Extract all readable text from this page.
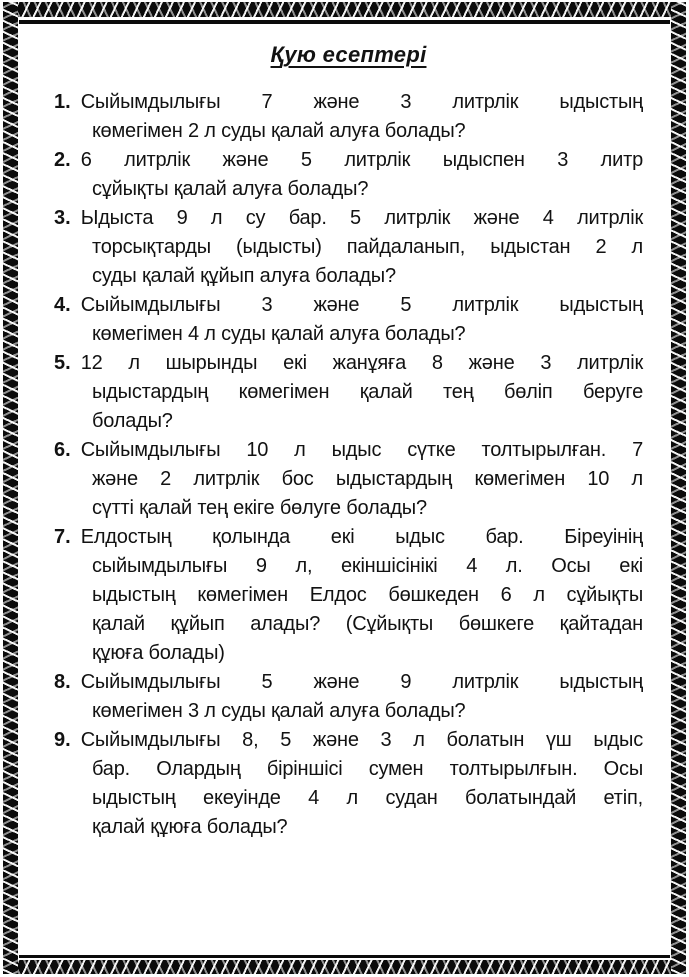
Қую есептері
1. Сыйымдылығы 7 және 3 литрлік ыдыстың
көмегімен 2 л суды қалай алуға болады?
2. 6 литрлік және 5 литрлік ыдыспен 3 литр
сұйықты қалай алуға болады?
3. Ыдыста 9 л су бар. 5 литрлік және 4 литрлік
торсықтарды (ыдысты) пайдаланып, ыдыстан 2 л
суды қалай құйып алуға болады?
4. Сыйымдылығы 3 және 5 литрлік ыдыстың
көмегімен 4 л суды қалай алуға болады?
5. 12 л шырынды екі жанұяға 8 және 3 литрлік
ыдыстардың көмегімен қалай тең бөліп беруге
болады?
6. Сыйымдылығы 10 л ыдыс сүтке толтырылған. 7
және 2 литрлік бос ыдыстардың көмегімен 10 л
сүтті қалай тең екіге бөлуге болады?
7. Елдостың қолында екі ыдыс бар. Біреуінің
сыйымдылығы 9 л, екіншісінікі 4 л. Осы екі
ыдыстың көмегімен Елдос бөшкеден 6 л сұйықты
қалай құйып алады? (Сұйықты бөшкеге қайтадан
құюға болады)
8. Сыйымдылығы 5 және 9 литрлік ыдыстың
көмегімен 3 л суды қалай алуға болады?
9. Сыйымдылығы 8, 5 және 3 л болатын үш ыдыс
бар. Олардың біріншісі сумен толтырылғын. Осы
ыдыстың екеуінде 4 л судан болатындай етіп,
қалай құюға болады?
